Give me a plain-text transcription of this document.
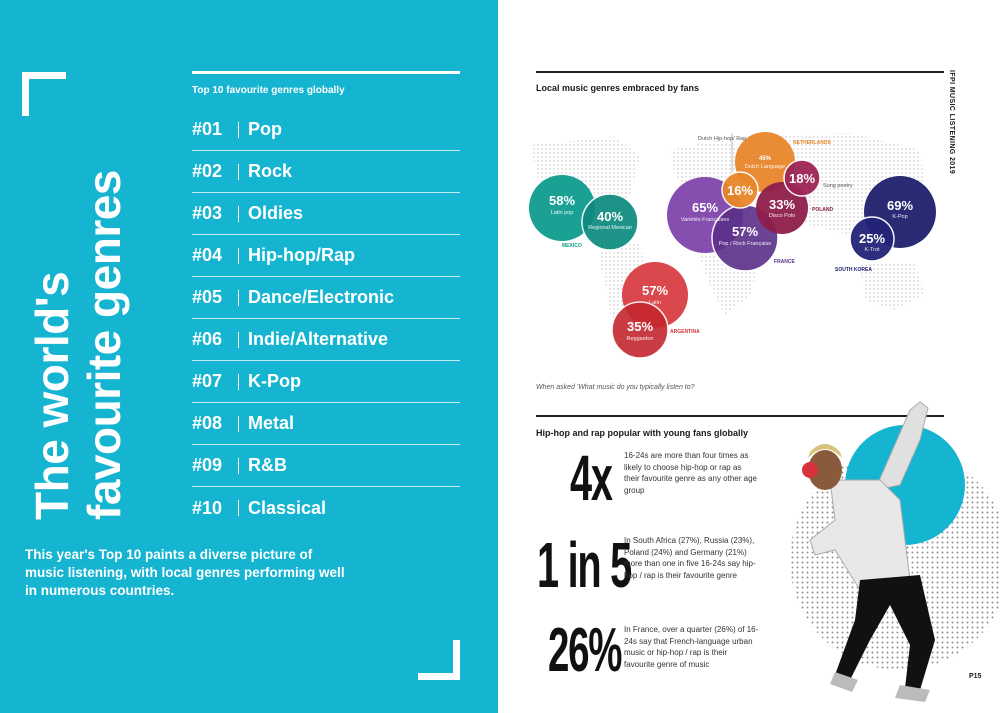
The world's favourite genres
Top 10 favourite genres globally
#01	Pop
#02	Rock
#03	Oldies
#04	Hip-hop/Rap
#05	Dance/Electronic
#06	Indie/Alternative
#07	K-Pop
#08	Metal
#09	R&B
#10	Classical
This year's Top 10 paints a diverse picture of music listening, with local genres performing well in numerous countries.
IFPI MUSIC LISTENING 2019
Local music genres embraced by fans
58%
40%
65%
57%
45%
16%
18%
33%	69%
25%
57%
35%
Latin pop
Regional Mexican
Variétés Françaises
Pop / Rock Française
Dutch Language
Disco Polo	K-Pop
K-Trot
Latin
Reggaeton
Dutch Hip-hop/ Rap
Sung poetry
MEXICO
NETHERLANDS
POLAND
FRANCE
SOUTH KOREA
ARGENTINA
When asked 'What music do you typically listen to?
Hip-hop and rap popular with young fans globally
4x 16-24s are more than four times as likely to choose hip-hop or rap as their favourite genre as any other age group
1 in 5
In South Africa (27%), Russia (23%), Poland (24%) and Germany (21%) more than one in five 16-24s say hip-hop / rap is their favourite genre
26% In France, over a quarter (26%) of 16-24s say that French-language urban music or hip-hop / rap is their favourite genre of music
P15
